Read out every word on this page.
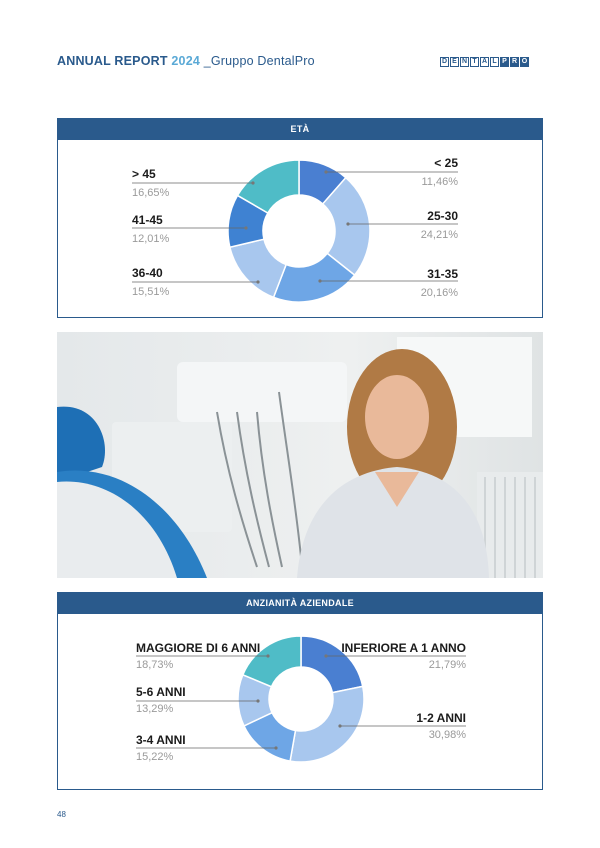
ANNUAL REPORT 2024 _Gruppo DentalPro	D E N T A L P R O
ETÀ
> 45
16,65%
41-45
12,01%
36-40
15,51%
< 25
11,46%
25-30
24,21%
31-35
20,16%
ANZIANITÀ AZIENDALE
MAGGIORE DI 6 ANNI
18,73%
5-6 ANNI
13,29%
3-4 ANNI
15,22%
INFERIORE A 1 ANNO
21,79%
1-2 ANNI
30,98%
48
